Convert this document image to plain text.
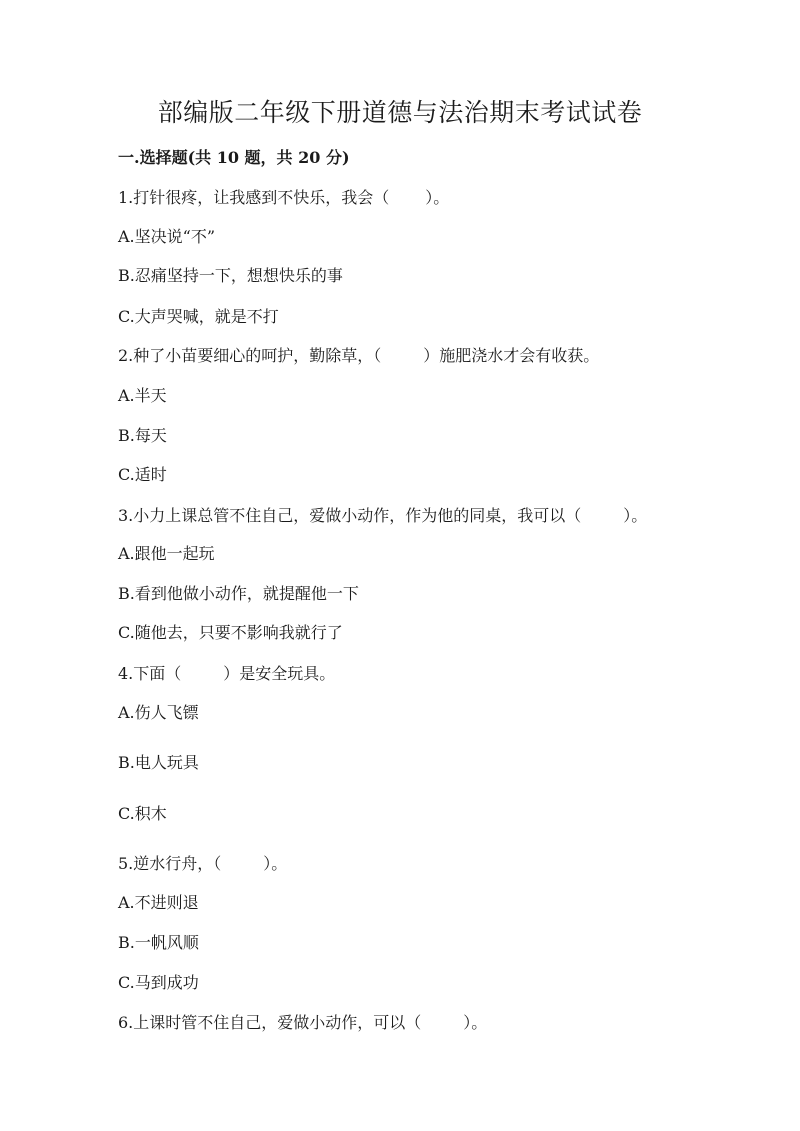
部编版二年级下册道德与法治期末考试试卷
一.选择题(共 10 题，共 20 分)
1.打针很疼，让我感到不快乐，我会（ ）。
A.坚决说“不”
B.忍痛坚持一下，想想快乐的事
C.大声哭喊，就是不打
2.种了小苗要细心的呵护，勤除草，（	）施肥浇水才会有收获。
A.半天
B.每天
C.适时
3.小力上课总管不住自己，爱做小动作，作为他的同桌，我可以（	）。
A.跟他一起玩
B.看到他做小动作，就提醒他一下
C.随他去，只要不影响我就行了
4.下面（	）是安全玩具。
A.伤人飞镖
B.电人玩具
C.积木
5.逆水行舟，（	）。
A.不进则退
B.一帆风顺
C.马到成功
6.上课时管不住自己，爱做小动作，可以（	）。
